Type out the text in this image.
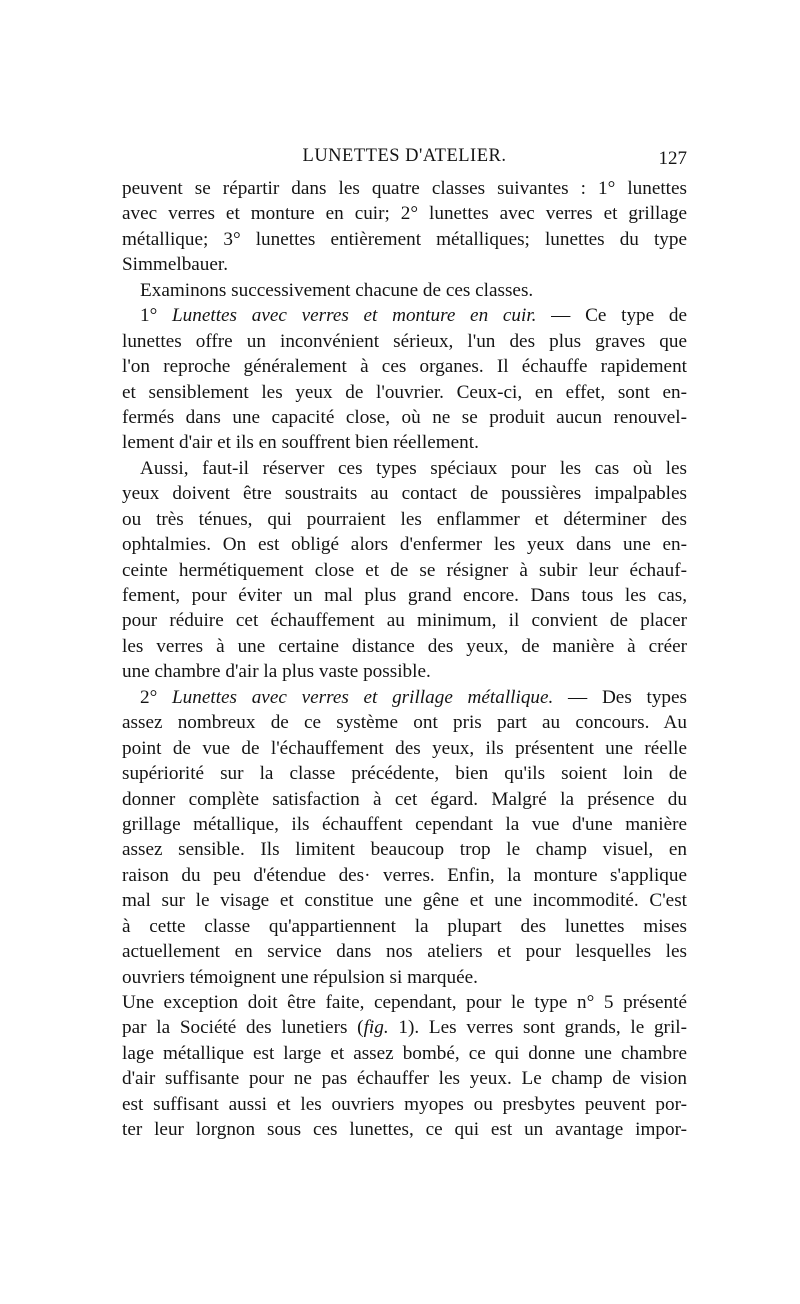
LUNETTES D'ATELIER.	127
peuvent se répartir dans les quatre classes suivantes : 1° lunettes
avec verres et monture en cuir; 2° lunettes avec verres et grillage
métallique; 3° lunettes entièrement métalliques; lunettes du type
Simmelbauer.
Examinons successivement chacune de ces classes.
1° Lunettes avec verres et monture en cuir. — Ce type de
lunettes offre un inconvénient sérieux, l'un des plus graves que
l'on reproche généralement à ces organes. Il échauffe rapidement
et sensiblement les yeux de l'ouvrier. Ceux-ci, en effet, sont en-
fermés dans une capacité close, où ne se produit aucun renouvel-
lement d'air et ils en souffrent bien réellement.
Aussi, faut-il réserver ces types spéciaux pour les cas où les
yeux doivent être soustraits au contact de poussières impalpables
ou très ténues, qui pourraient les enflammer et déterminer des
ophtalmies. On est obligé alors d'enfermer les yeux dans une en-
ceinte hermétiquement close et de se résigner à subir leur échauf-
fement, pour éviter un mal plus grand encore. Dans tous les cas,
pour réduire cet échauffement au minimum, il convient de placer
les verres à une certaine distance des yeux, de manière à créer
une chambre d'air la plus vaste possible.
2° Lunettes avec verres et grillage métallique. — Des types
assez nombreux de ce système ont pris part au concours. Au
point de vue de l'échauffement des yeux, ils présentent une réelle
supériorité sur la classe précédente, bien qu'ils soient loin de
donner complète satisfaction à cet égard. Malgré la présence du
grillage métallique, ils échauffent cependant la vue d'une manière
assez sensible. Ils limitent beaucoup trop le champ visuel, en
raison du peu d'étendue des· verres. Enfin, la monture s'applique
mal sur le visage et constitue une gêne et une incommodité. C'est
à cette classe qu'appartiennent la plupart des lunettes mises
actuellement en service dans nos ateliers et pour lesquelles les
ouvriers témoignent une répulsion si marquée.
Une exception doit être faite, cependant, pour le type n° 5 présenté
par la Société des lunetiers (fig. 1). Les verres sont grands, le gril-
lage métallique est large et assez bombé, ce qui donne une chambre
d'air suffisante pour ne pas échauffer les yeux. Le champ de vision
est suffisant aussi et les ouvriers myopes ou presbytes peuvent por-
ter leur lorgnon sous ces lunettes, ce qui est un avantage impor-
